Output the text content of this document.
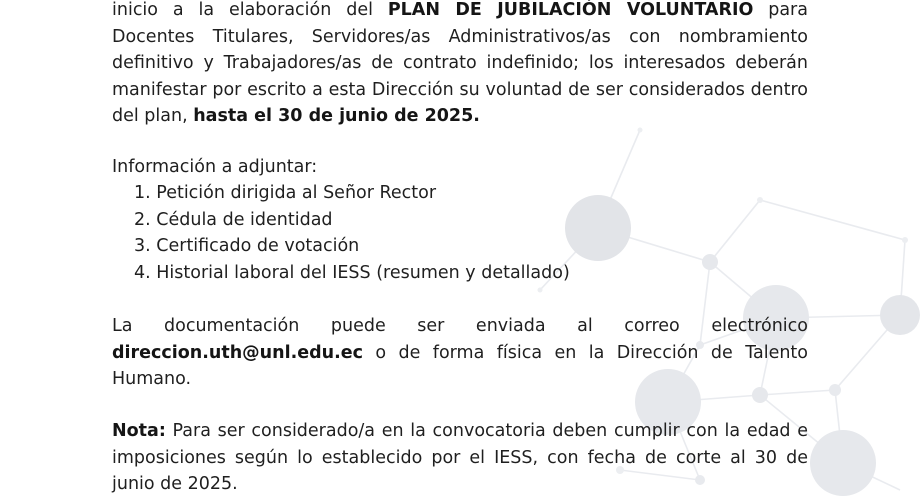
inicio a la elaboración del PLAN DE JUBILACIÓN VOLUNTARIO para Docentes Titulares, Servidores/as Administrativos/as con nombramiento definitivo y Trabajadores/as de contrato indefinido; los interesados deberán manifestar por escrito a esta Dirección su voluntad de ser considerados dentro del plan, hasta el 30 de junio de 2025.

Información a adjuntar:
1. Petición dirigida al Señor Rector
2. Cédula de identidad
3. Certificado de votación
4. Historial laboral del IESS (resumen y detallado)
La documentación puede ser enviada al correo electrónico
direccion.uth@unl.edu.ec o de forma física en la Dirección de Talento Humano.

Nota: Para ser considerado/a en la convocatoria deben cumplir con la edad e imposiciones según lo establecido por el IESS, con fecha de corte al 30 de junio de 2025.
